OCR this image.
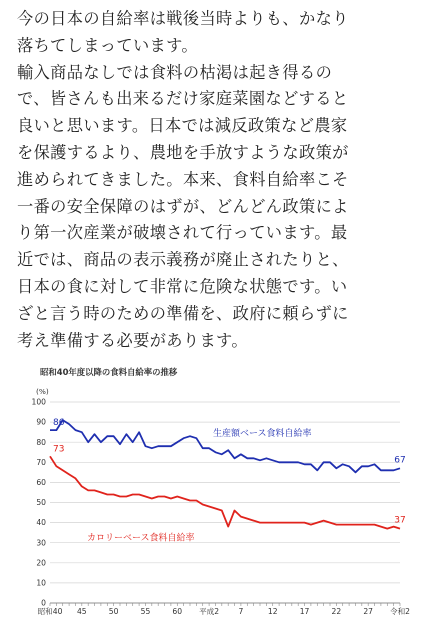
今の日本の自給率は戦後当時よりも、かなり

落ちてしまっています。

輸入商品なしでは食料の枯渇は起き得るの

で、皆さんも出来るだけ家庭菜園などすると

良いと思います。日本では減反政策など農家

を保護するより、農地を手放すような政策が

進められてきました。本来、食料自給率こそ

一番の安全保障のはずが、どんどん政策によ

り第一次産業が破壊されて行っています。最

近では、商品の表示義務が廃止されたりと、

日本の食に対して非常に危険な状態です。い

ざと言う時のための準備を、政府に頼らずに

考え準備する必要があります。

昭和40年度以降の食料自給率の推移
(%)
0
10
20
30
40
50
60
70
80
90
100
昭和40 45	50	55	60 平成2	7	12	17	22	27 令和2
86
67
73
37
生産額ベース食料自給率
カロリーベース食料自給率
